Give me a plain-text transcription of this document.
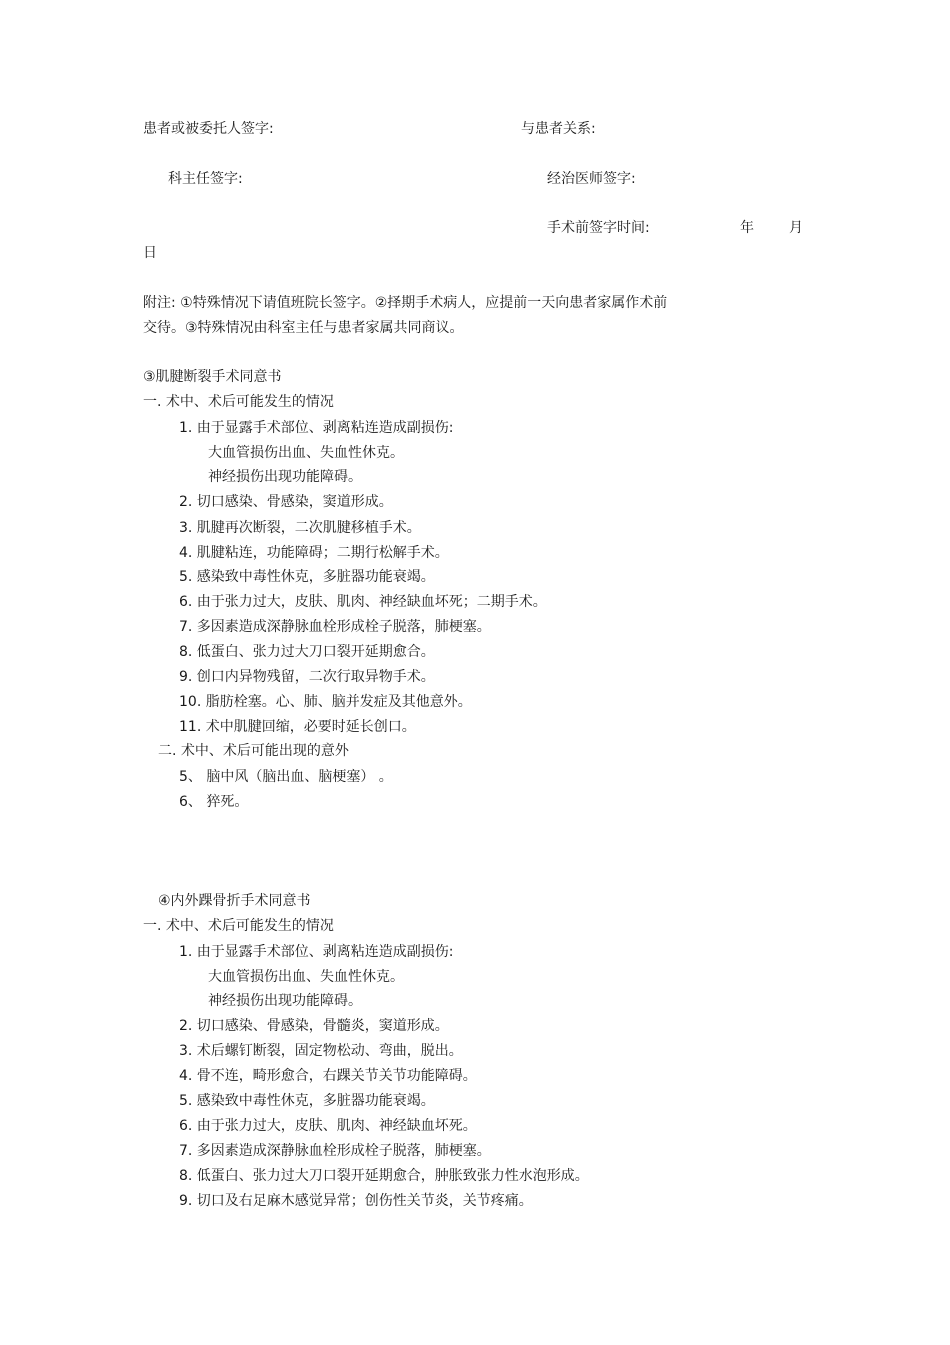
患者或被委托人签字:	与患者关系:
科主任签字:	经治医师签字:
手术前签字时间:	年	月
日
附注: ①特殊情况下请值班院长签字。②择期手术病人，应提前一天向患者家属作术前
交待。③特殊情况由科室主任与患者家属共同商议。
③肌腱断裂手术同意书
一. 术中、术后可能发生的情况
1. 由于显露手术部位、剥离粘连造成副损伤:
大血管损伤出血、失血性休克。
神经损伤出现功能障碍。
2. 切口感染、骨感染，窦道形成。
3. 肌腱再次断裂，二次肌腱移植手术。
4. 肌腱粘连，功能障碍；二期行松解手术。
5. 感染致中毒性休克，多脏器功能衰竭。
6. 由于张力过大，皮肤、肌肉、神经缺血坏死；二期手术。
7. 多因素造成深静脉血栓形成栓子脱落，肺梗塞。
8. 低蛋白、张力过大刀口裂开延期愈合。
9. 创口内异物残留，二次行取异物手术。
10. 脂肪栓塞。心、肺、脑并发症及其他意外。
11. 术中肌腱回缩，必要时延长创口。
二. 术中、术后可能出现的意外
5、 脑中风（脑出血、脑梗塞） 。
6、 猝死。
④内外踝骨折手术同意书
一. 术中、术后可能发生的情况
1. 由于显露手术部位、剥离粘连造成副损伤:
大血管损伤出血、失血性休克。
神经损伤出现功能障碍。
2. 切口感染、骨感染，骨髓炎，窦道形成。
3. 术后螺钉断裂，固定物松动、弯曲，脱出。
4. 骨不连，畸形愈合，右踝关节关节功能障碍。
5. 感染致中毒性休克，多脏器功能衰竭。
6. 由于张力过大，皮肤、肌肉、神经缺血坏死。
7. 多因素造成深静脉血栓形成栓子脱落，肺梗塞。
8. 低蛋白、张力过大刀口裂开延期愈合，肿胀致张力性水泡形成。
9. 切口及右足麻木感觉异常；创伤性关节炎，关节疼痛。
